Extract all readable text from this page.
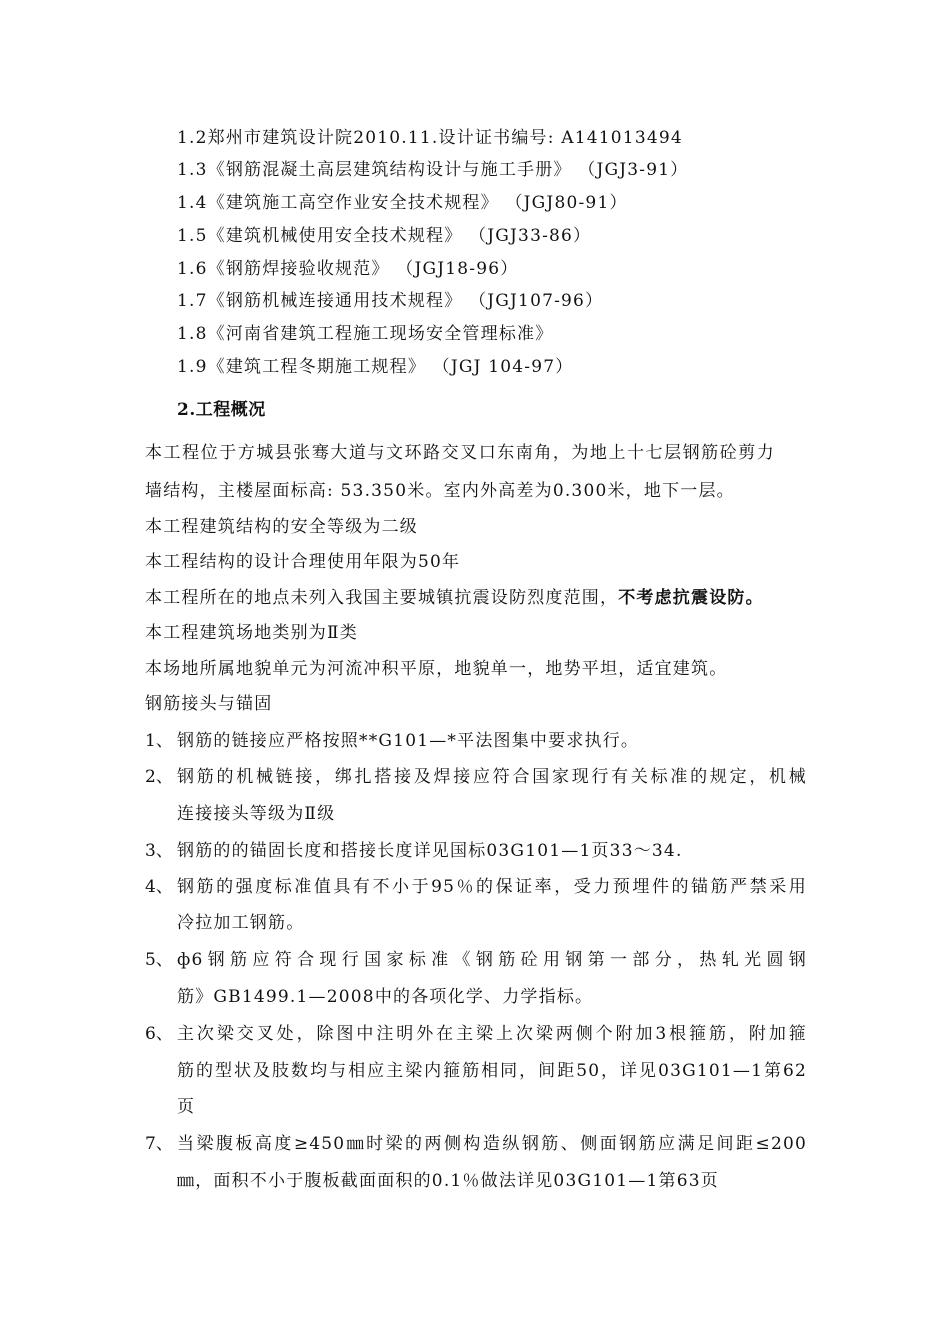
1.2郑州市建筑设计院2010.11.设计证书编号: A141013494
1.3《钢筋混凝土高层建筑结构设计与施工手册》 （JGJ3-91）
1.4《建筑施工高空作业安全技术规程》 （JGJ80-91）
1.5《建筑机械使用安全技术规程》 （JGJ33-86）
1.6《钢筋焊接验收规范》 （JGJ18-96）
1.7《钢筋机械连接通用技术规程》 （JGJ107-96）
1.8《河南省建筑工程施工现场安全管理标准》
1.9《建筑工程冬期施工规程》 （JGJ 104-97）
2.工程概况
本工程位于方城县张骞大道与文环路交叉口东南角，为地上十七层钢筋砼剪力
墙结构，主楼屋面标高: 53.350米。室内外高差为0.300米，地下一层。
本工程建筑结构的安全等级为二级
本工程结构的设计合理使用年限为50年
本工程所在的地点未列入我国主要城镇抗震设防烈度范围，不考虑抗震设防。
本工程建筑场地类别为Ⅱ类
本场地所属地貌单元为河流冲积平原，地貌单一，地势平坦，适宜建筑。
钢筋接头与锚固
1、 钢筋的链接应严格按照**G101—*平法图集中要求执行。
2、 钢筋的机械链接，绑扎搭接及焊接应符合国家现行有关标准的规定，机械
连接接头等级为Ⅱ级
3、 钢筋的的锚固长度和搭接长度详见国标03G101—1页33～34.
4、 钢筋的强度标准值具有不小于95％的保证率，受力预埋件的锚筋严禁采用
冷拉加工钢筋。
5、 ф6钢筋应符合现行国家标准《钢筋砼用钢第一部分，热轧光圆钢
筋》GB1499.1—2008中的各项化学、力学指标。
6、 主次梁交叉处，除图中注明外在主梁上次梁两侧个附加3根箍筋，附加箍
筋的型状及肢数均与相应主梁内箍筋相同，间距50，详见03G101—1第62
页
7、 当梁腹板高度≥450㎜时梁的两侧构造纵钢筋、侧面钢筋应满足间距≤200
㎜，面积不小于腹板截面面积的0.1％做法详见03G101—1第63页
